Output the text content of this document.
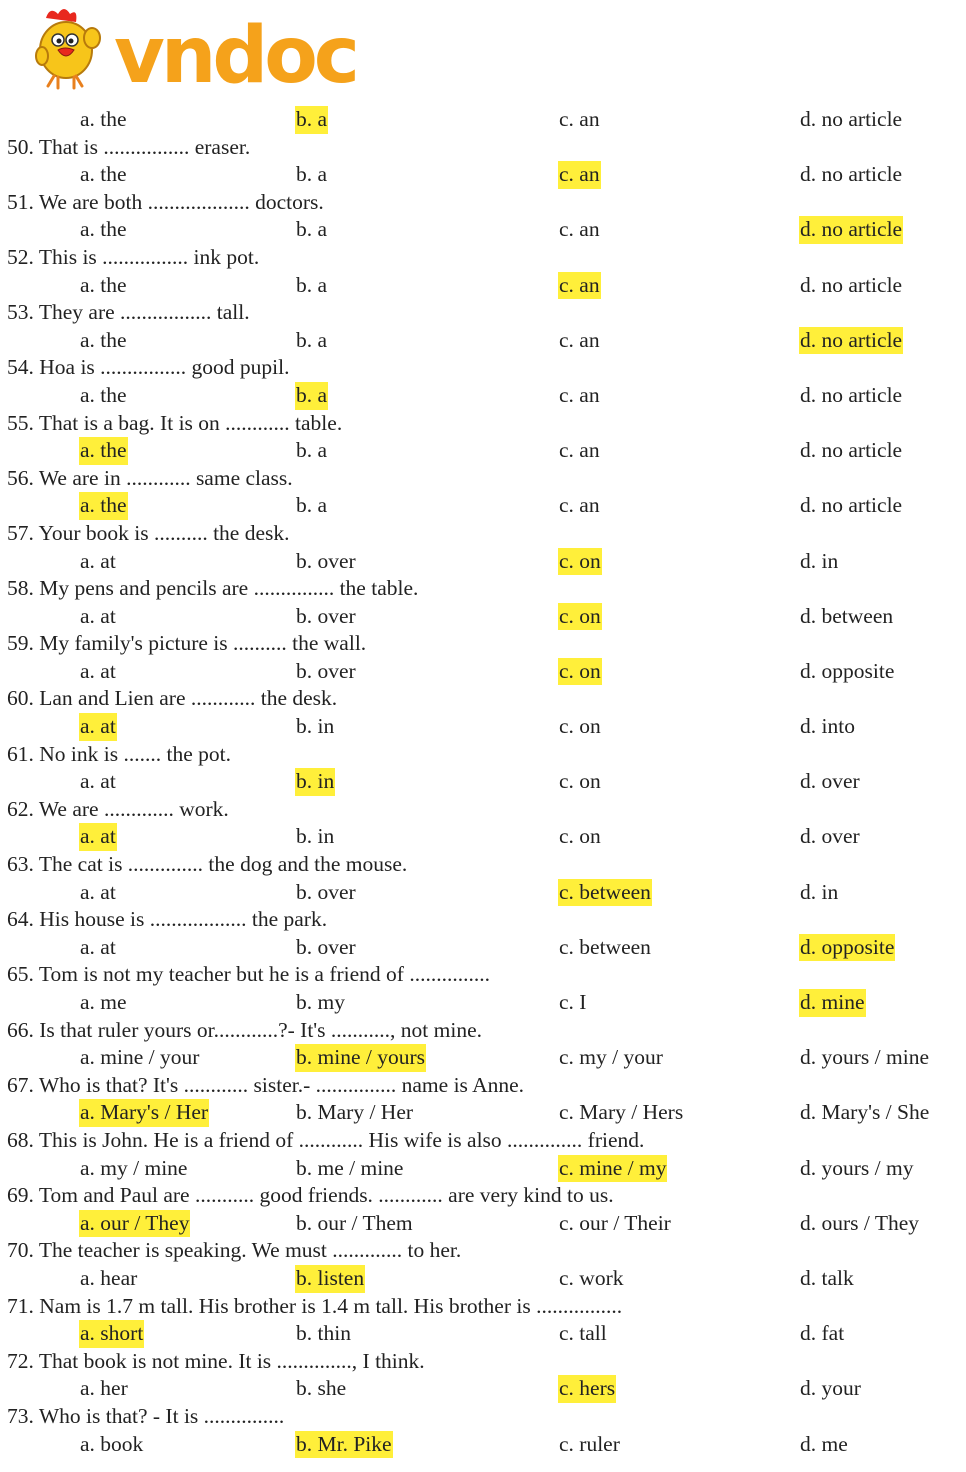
vndoc
a. the	b. a	c. an	d. no article
50. That is ................ eraser.
a. the	b. a	c. an	d. no article
51. We are both ................... doctors.
a. the	b. a	c. an	d. no article
52. This is ................ ink pot.
a. the	b. a	c. an	d. no article
53. They are ................. tall.
a. the	b. a	c. an	d. no article
54. Hoa is ................ good pupil.
a. the	b. a	c. an	d. no article
55. That is a bag. It is on ............ table.
a. the	b. a	c. an	d. no article
56. We are in ............ same class.
a. the	b. a	c. an	d. no article
57. Your book is .......... the desk.
a. at	b. over	c. on	d. in
58. My pens and pencils are ............... the table.
a. at	b. over	c. on	d. between
59. My family's picture is .......... the wall.
a. at	b. over	c. on	d. opposite
60. Lan and Lien are ............ the desk.
a. at	b. in	c. on	d. into
61. No ink is ....... the pot.
a. at	b. in	c. on	d. over
62. We are ............. work.
a. at	b. in	c. on	d. over
63. The cat is .............. the dog and the mouse.
a. at	b. over	c. between	d. in
64. His house is .................. the park.
a. at	b. over	c. between	d. opposite
65. Tom is not my teacher but he is a friend of ...............
a. me	b. my	c. I	d. mine
66. Is that ruler yours or............?- It's ..........., not mine.
a. mine / your	b. mine / yours	c. my / your	d. yours / mine
67. Who is that? It's ............ sister.- ............... name is Anne.
a. Mary's / Her	b. Mary / Her	c. Mary / Hers	d. Mary's / She
68. This is John. He is a friend of ............ His wife is also .............. friend.
a. my / mine	b. me / mine	c. mine / my	d. yours / my
69. Tom and Paul are ........... good friends. ............ are very kind to us.
a. our / They	b. our / Them	c. our / Their	d. ours / They
70. The teacher is speaking. We must ............. to her.
a. hear	b. listen	c. work	d. talk
71. Nam is 1.7 m tall. His brother is 1.4 m tall. His brother is ................
a. short	b. thin	c. tall	d. fat
72. That book is not mine. It is .............., I think.
a. her	b. she	c. hers	d. your
73. Who is that? - It is ...............
a. book	b. Mr. Pike	c. ruler	d. me
